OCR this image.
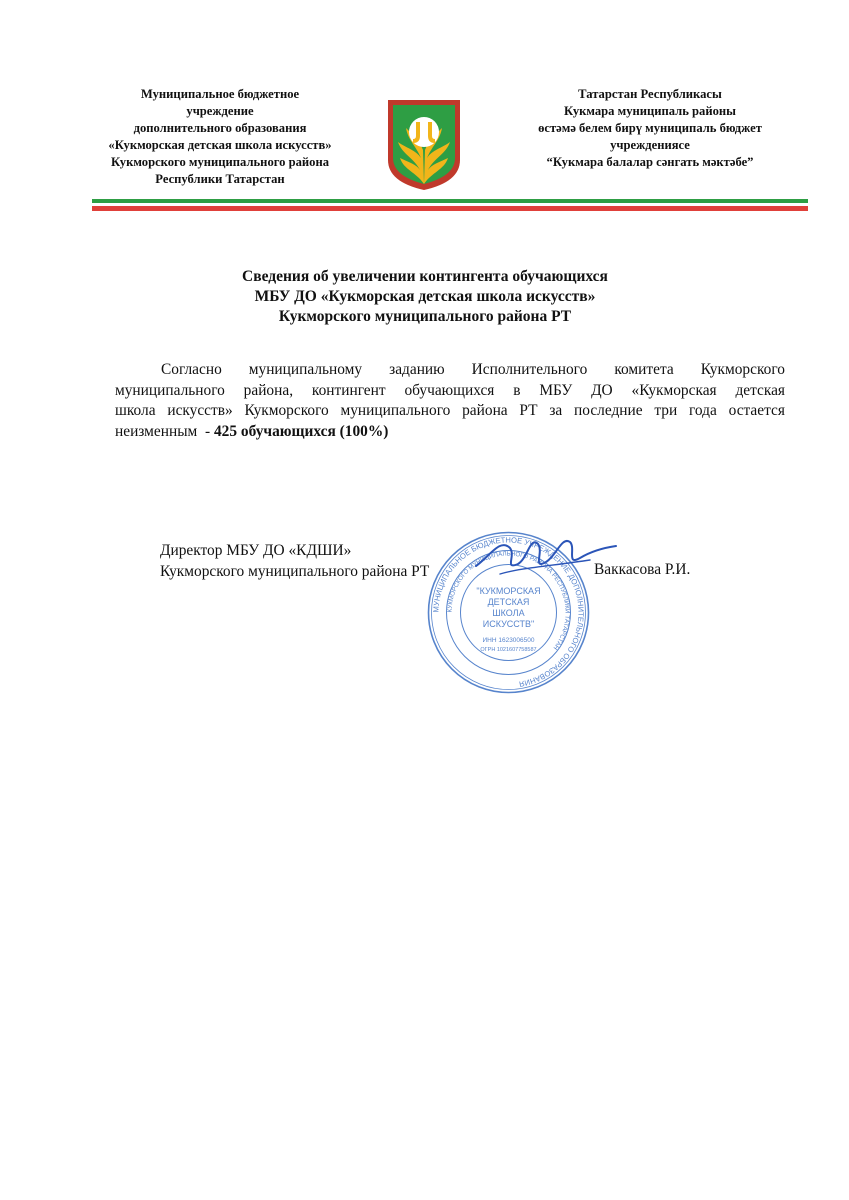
Муниципальное бюджетное
учреждение
дополнительного образования
«Кукморская детская школа искусств»
Кукморского муниципального района
Республики Татарстан
Татарстан Республикасы
Кукмара муниципаль районы
өстәмә белем бирү муниципаль бюджет
учреждениясе
“Кукмара балалар сәнгать мәктәбе”
Сведения об увеличении контингента обучающихся
МБУ ДО «Кукморская детская школа искусств»
Кукморского муниципального района РТ
Согласно муниципальному заданию Исполнительного комитета Кукморского
муниципального района, контингент обучающихся в МБУ ДО «Кукморская детская
школа искусств» Кукморского муниципального района РТ за последние три года остается
неизменным  - 425 обучающихся (100%)
Директор МБУ ДО «КДШИ»
Кукморского муниципального района РТ
МУНИЦИПАЛЬНОЕ БЮДЖЕТНОЕ УЧРЕЖДЕНИЕ ДОПОЛНИТЕЛЬНОГО ОБРАЗОВАНИЯ
КУКМОРСКОГО МУНИЦИПАЛЬНОГО РАЙОНА РЕСПУБЛИКИ ТАТАРСТАН
"КУКМОРСКАЯ
ДЕТСКАЯ
ШКОЛА
ИСКУССТВ"
ИНН 1623006500
ОГРН 1021607758587
Ваккасова Р.И.
